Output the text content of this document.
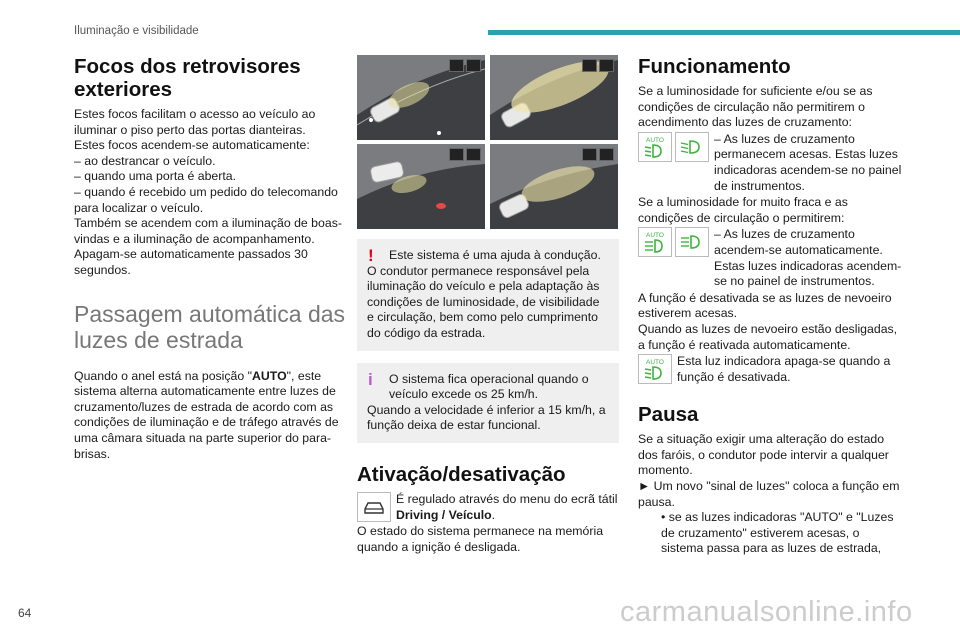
Iluminação e visibilidade
Focos dos retrovisores exteriores

Estes focos facilitam o acesso ao veículo ao iluminar o piso perto das portas dianteiras.

Estes focos acendem-se automaticamente:

– ao destrancar o veículo.

– quando uma porta é aberta.

– quando é recebido um pedido do telecomando para localizar o veículo.

Também se acendem com a iluminação de boas-vindas e a iluminação de acompanhamento.

Apagam-se automaticamente passados 30 segundos.

Passagem automática das luzes de estrada

Quando o anel está na posição "AUTO", este sistema alterna automaticamente entre luzes de cruzamento/luzes de estrada de acordo com as condições de iluminação e de tráfego através de uma câmara situada na parte superior do para-brisas.

!	Este sistema é uma ajuda à condução.

O condutor permanece responsável pela iluminação do veículo e pela adaptação às condições de luminosidade, de visibilidade e circulação, bem como pelo cumprimento do código da estrada.

i	O sistema fica operacional quando o veículo excede os 25 km/h.

Quando a velocidade é inferior a 15 km/h, a função deixa de estar funcional.

Ativação/desativação

É regulado através do menu do ecrã tátil Driving / Veículo.

O estado do sistema permanece na memória quando a ignição é desligada.

Funcionamento

Se a luminosidade for suficiente e/ou se as condições de circulação não permitirem o acendimento das luzes de cruzamento:

AUTO	– As luzes de cruzamento permanecem acesas. Estas luzes indicadoras acendem-se no painel de instrumentos.

Se a luminosidade for muito fraca e as condições de circulação o permitirem:

AUTO	– As luzes de cruzamento acendem-se automaticamente. Estas luzes indicadoras acendem-se no painel de instrumentos.

A função é desativada se as luzes de nevoeiro estiverem acesas.

Quando as luzes de nevoeiro estão desligadas, a função é reativada automaticamente.

AUTO Esta luz indicadora apaga-se quando a função é desativada.

Pausa

Se a situação exigir uma alteração do estado dos faróis, o condutor pode intervir a qualquer momento.

► Um novo "sinal de luzes" coloca a função em pausa.

• se as luzes indicadoras "AUTO" e "Luzes de cruzamento" estiverem acesas, o sistema passa para as luzes de estrada,

64	carmanualsonline.info
